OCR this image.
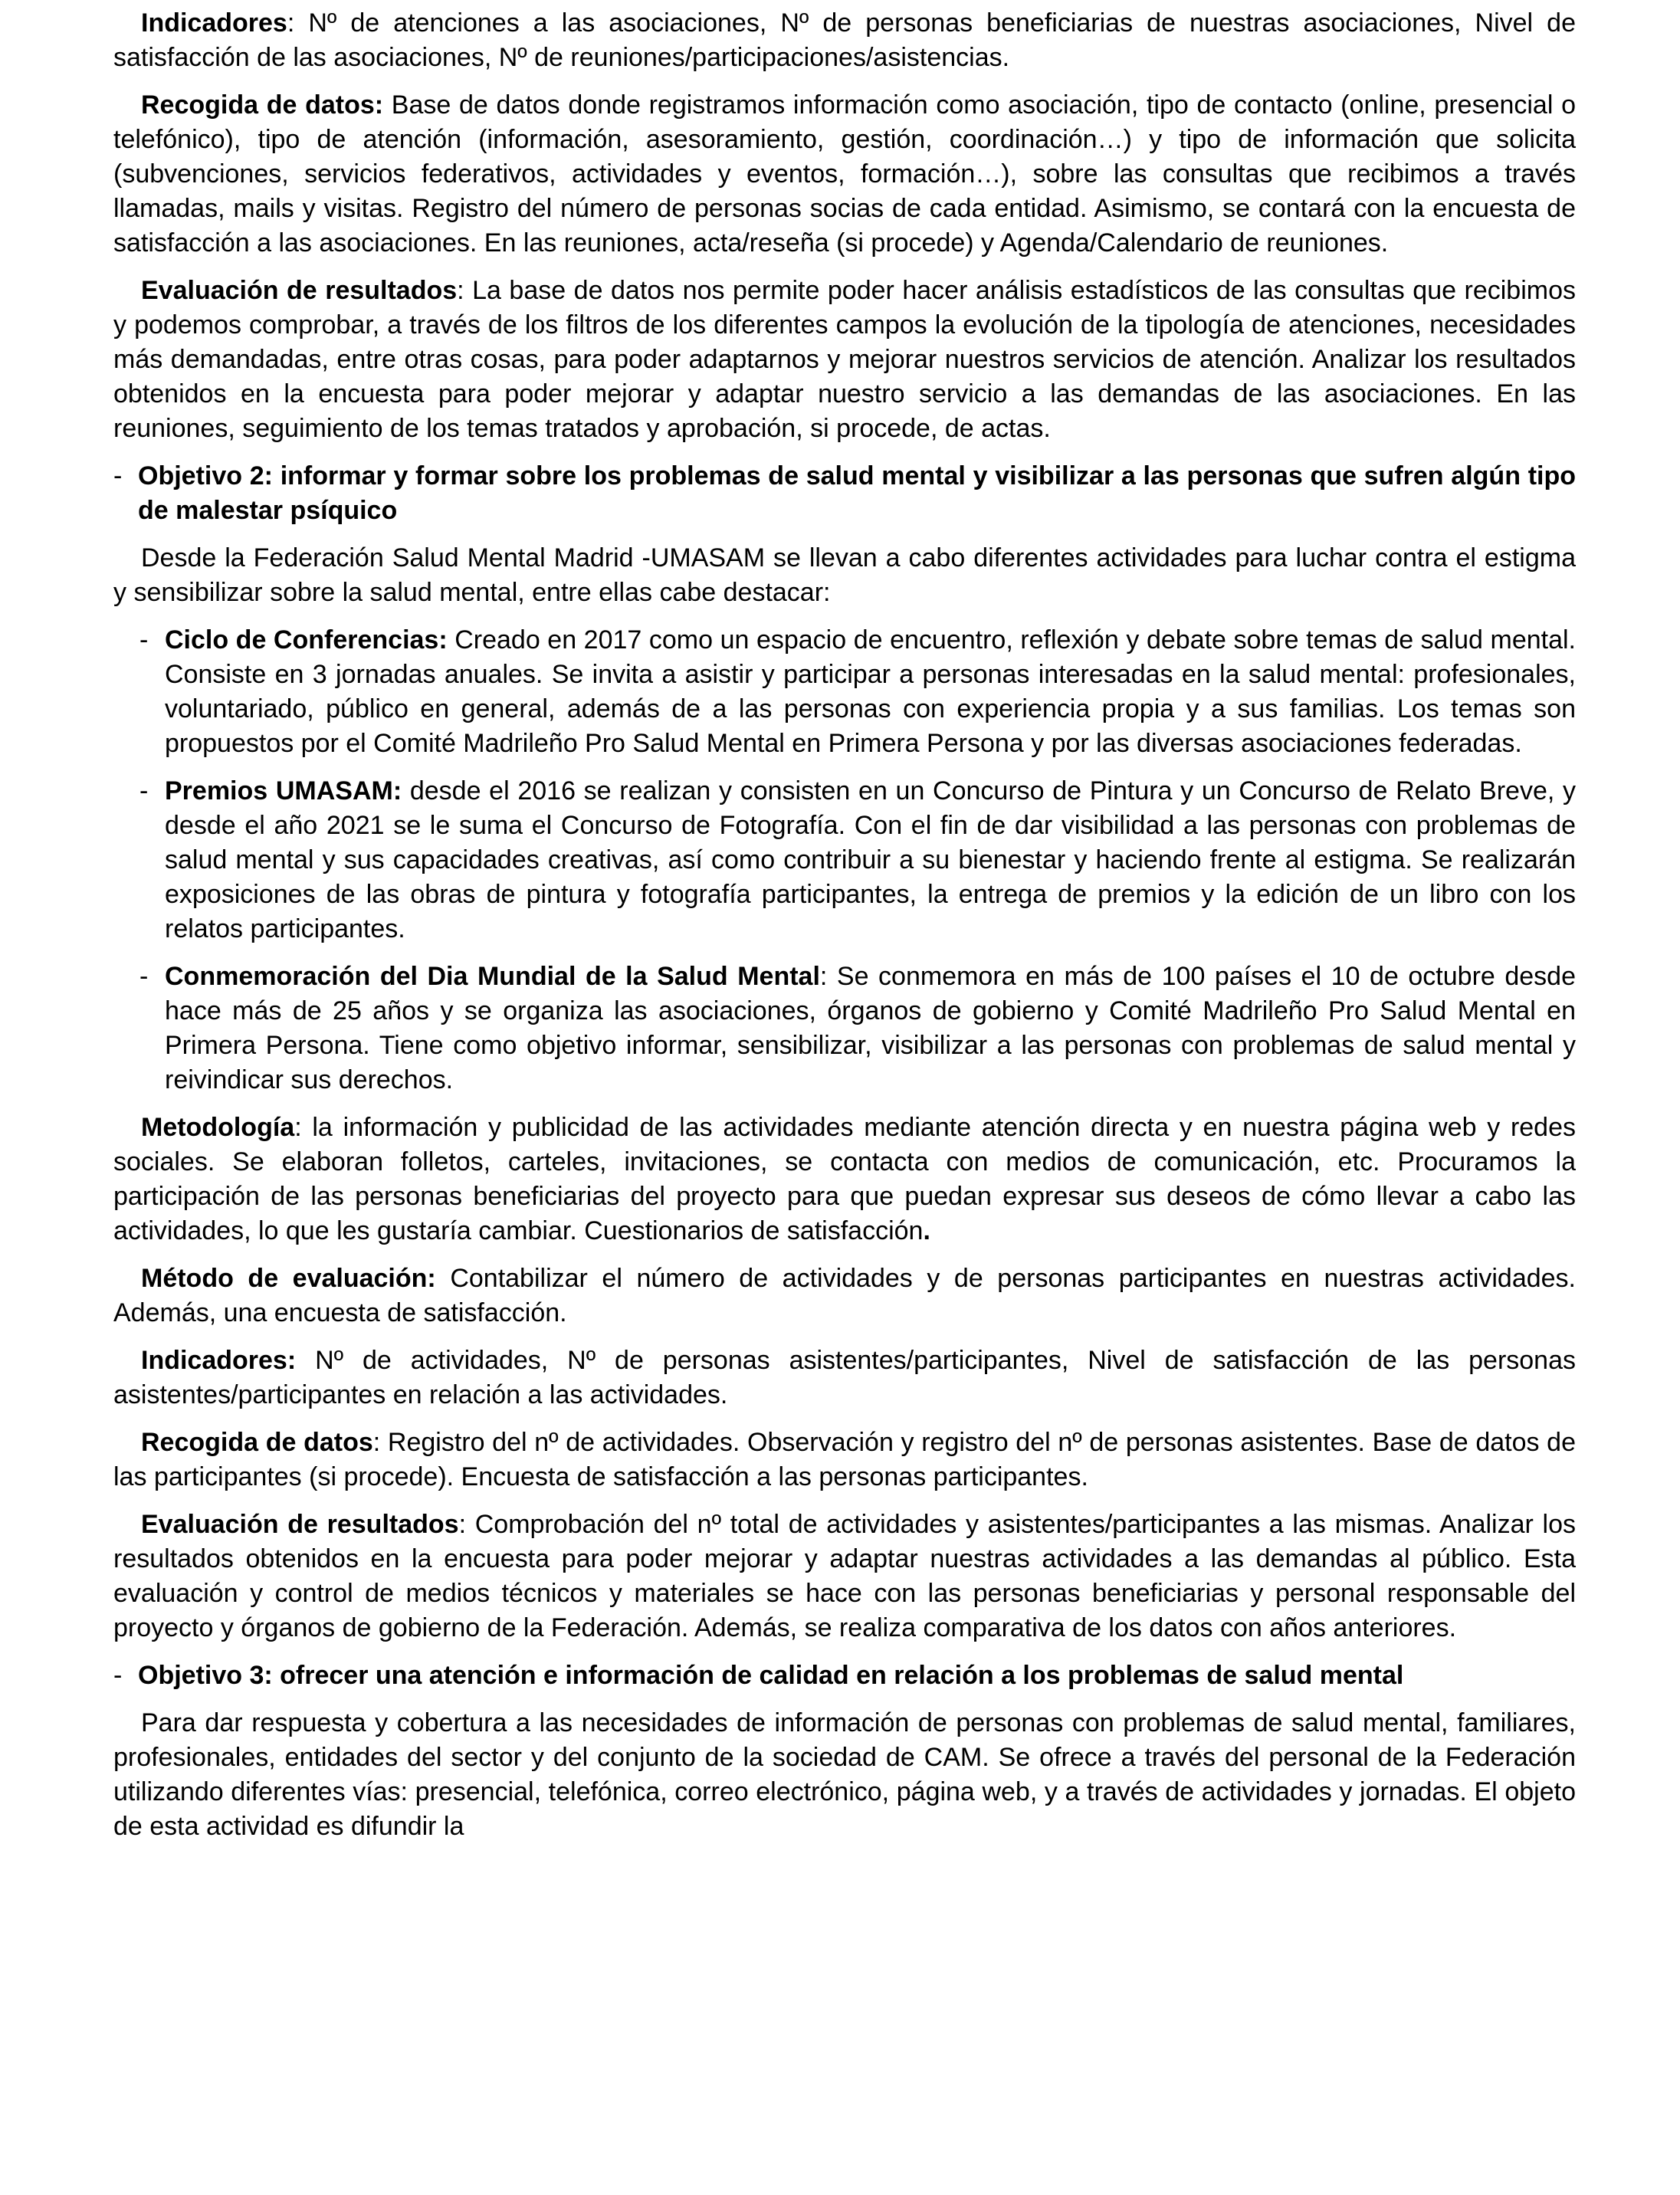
Indicadores: Nº de atenciones a las asociaciones, Nº de personas beneficiarias de nuestras asociaciones, Nivel de satisfacción de las asociaciones, Nº de reuniones/participaciones/asistencias.
Recogida de datos: Base de datos donde registramos información como asociación, tipo de contacto (online, presencial o telefónico), tipo de atención (información, asesoramiento, gestión, coordinación…) y tipo de información que solicita (subvenciones, servicios federativos, actividades y eventos, formación…), sobre las consultas que recibimos a través llamadas, mails y visitas. Registro del número de personas socias de cada entidad. Asimismo, se contará con la encuesta de satisfacción a las asociaciones. En las reuniones, acta/reseña (si procede) y Agenda/Calendario de reuniones.
Evaluación de resultados: La base de datos nos permite poder hacer análisis estadísticos de las consultas que recibimos y podemos comprobar, a través de los filtros de los diferentes campos la evolución de la tipología de atenciones, necesidades más demandadas, entre otras cosas, para poder adaptarnos y mejorar nuestros servicios de atención. Analizar los resultados obtenidos en la encuesta para poder mejorar y adaptar nuestro servicio a las demandas de las asociaciones. En las reuniones, seguimiento de los temas tratados y aprobación, si procede, de actas.
- Objetivo 2: informar y formar sobre los problemas de salud mental y visibilizar a las personas que sufren algún tipo de malestar psíquico
Desde la Federación Salud Mental Madrid -UMASAM se llevan a cabo diferentes actividades para luchar contra el estigma y sensibilizar sobre la salud mental, entre ellas cabe destacar:
- Ciclo de Conferencias: Creado en 2017 como un espacio de encuentro, reflexión y debate sobre temas de salud mental. Consiste en 3 jornadas anuales. Se invita a asistir y participar a personas interesadas en la salud mental: profesionales, voluntariado, público en general, además de a las personas con experiencia propia y a sus familias. Los temas son propuestos por el Comité Madrileño Pro Salud Mental en Primera Persona y por las diversas asociaciones federadas.
- Premios UMASAM: desde el 2016 se realizan y consisten en un Concurso de Pintura y un Concurso de Relato Breve, y desde el año 2021 se le suma el Concurso de Fotografía. Con el fin de dar visibilidad a las personas con problemas de salud mental y sus capacidades creativas, así como contribuir a su bienestar y haciendo frente al estigma. Se realizarán exposiciones de las obras de pintura y fotografía participantes, la entrega de premios y la edición de un libro con los relatos participantes.
- Conmemoración del Dia Mundial de la Salud Mental: Se conmemora en más de 100 países el 10 de octubre desde hace más de 25 años y se organiza las asociaciones, órganos de gobierno y Comité Madrileño Pro Salud Mental en Primera Persona. Tiene como objetivo informar, sensibilizar, visibilizar a las personas con problemas de salud mental y reivindicar sus derechos.
Metodología: la información y publicidad de las actividades mediante atención directa y en nuestra página web y redes sociales. Se elaboran folletos, carteles, invitaciones, se contacta con medios de comunicación, etc. Procuramos la participación de las personas beneficiarias del proyecto para que puedan expresar sus deseos de cómo llevar a cabo las actividades, lo que les gustaría cambiar. Cuestionarios de satisfacción.
Método de evaluación: Contabilizar el número de actividades y de personas participantes en nuestras actividades. Además, una encuesta de satisfacción.
Indicadores: Nº de actividades, Nº de personas asistentes/participantes, Nivel de satisfacción de las personas asistentes/participantes en relación a las actividades.
Recogida de datos: Registro del nº de actividades. Observación y registro del nº de personas asistentes. Base de datos de las participantes (si procede). Encuesta de satisfacción a las personas participantes.
Evaluación de resultados: Comprobación del nº total de actividades y asistentes/participantes a las mismas. Analizar los resultados obtenidos en la encuesta para poder mejorar y adaptar nuestras actividades a las demandas al público. Esta evaluación y control de medios técnicos y materiales se hace con las personas beneficiarias y personal responsable del proyecto y órganos de gobierno de la Federación. Además, se realiza comparativa de los datos con años anteriores.
- Objetivo 3: ofrecer una atención e información de calidad en relación a los problemas de salud mental
Para dar respuesta y cobertura a las necesidades de información de personas con problemas de salud mental, familiares, profesionales, entidades del sector y del conjunto de la sociedad de CAM. Se ofrece a través del personal de la Federación utilizando diferentes vías: presencial, telefónica, correo electrónico, página web, y a través de actividades y jornadas. El objeto de esta actividad es difundir la
